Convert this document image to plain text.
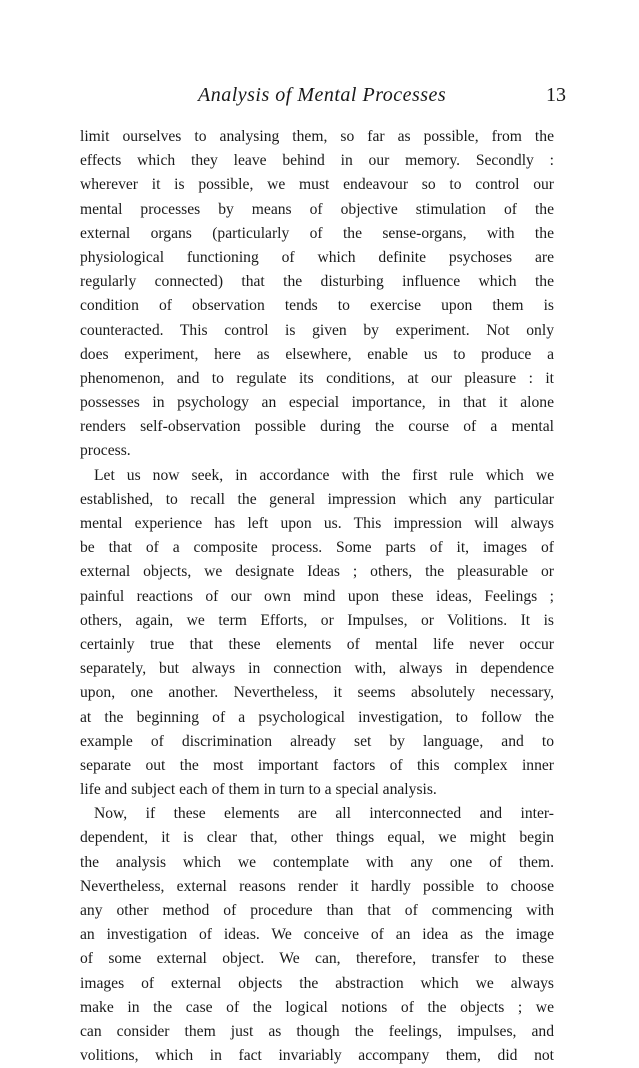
Analysis of Mental Processes	13
limit ourselves to analysing them, so far as possible, from the
effects which they leave behind in our memory. Secondly :
wherever it is possible, we must endeavour so to control our
mental processes by means of objective stimulation of the
external organs (particularly of the sense-organs, with the
physiological functioning of which definite psychoses are
regularly connected) that the disturbing influence which the
condition of observation tends to exercise upon them is
counteracted. This control is given by experiment. Not only
does experiment, here as elsewhere, enable us to produce a
phenomenon, and to regulate its conditions, at our pleasure : it
possesses in psychology an especial importance, in that it alone
renders self-observation possible during the course of a mental
process.
Let us now seek, in accordance with the first rule which we
established, to recall the general impression which any particular
mental experience has left upon us. This impression will always
be that of a composite process. Some parts of it, images of
external objects, we designate Ideas ; others, the pleasurable or
painful reactions of our own mind upon these ideas, Feelings ;
others, again, we term Efforts, or Impulses, or Volitions. It is
certainly true that these elements of mental life never occur
separately, but always in connection with, always in dependence
upon, one another. Nevertheless, it seems absolutely necessary,
at the beginning of a psychological investigation, to follow the
example of discrimination already set by language, and to
separate out the most important factors of this complex inner
life and subject each of them in turn to a special analysis.
Now, if these elements are all interconnected and inter-
dependent, it is clear that, other things equal, we might begin
the analysis which we contemplate with any one of them.
Nevertheless, external reasons render it hardly possible to choose
any other method of procedure than that of commencing with
an investigation of ideas. We conceive of an idea as the image
of some external object. We can, therefore, transfer to these
images of external objects the abstraction which we always
make in the case of the logical notions of the objects ; we
can consider them just as though the feelings, impulses, and
volitions, which in fact invariably accompany them, did not
